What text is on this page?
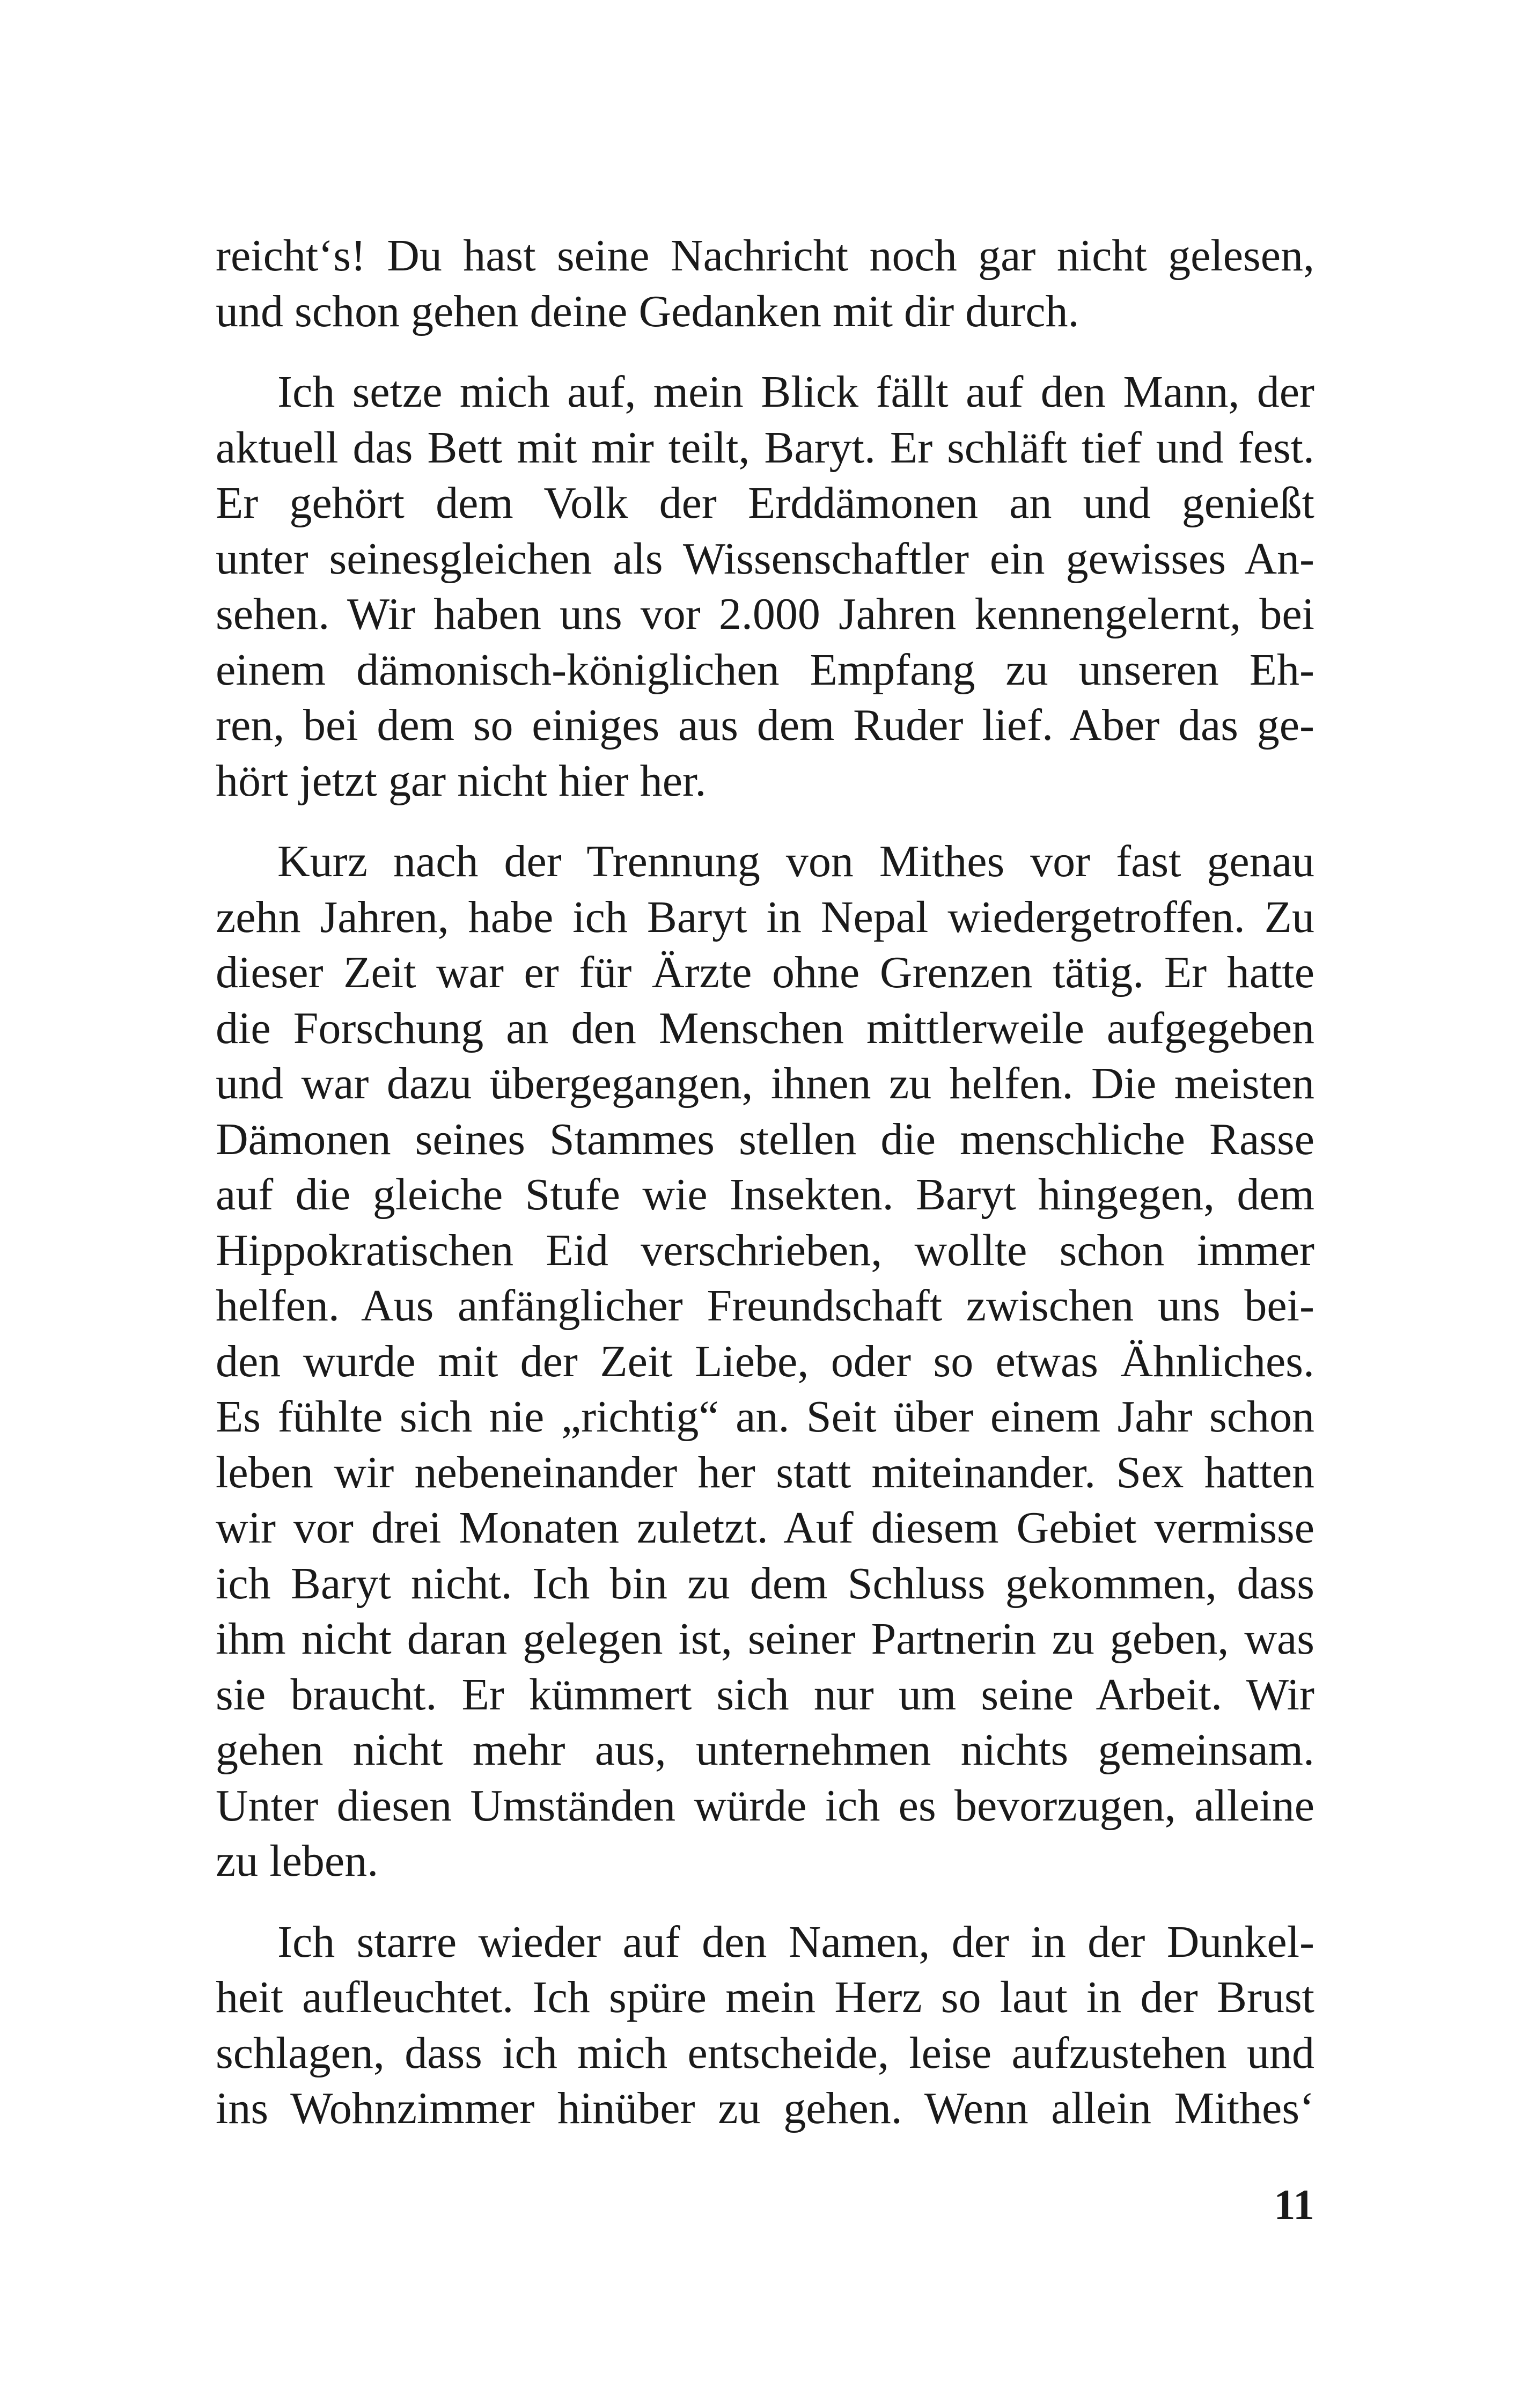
reicht‘s! Du hast seine Nachricht noch gar nicht gelesen,
und schon gehen deine Gedanken mit dir durch.
Ich setze mich auf, mein Blick fällt auf den Mann, der
aktuell das Bett mit mir teilt, Baryt. Er schläft tief und fest.
Er gehört dem Volk der Erddämonen an und genießt
unter seinesgleichen als Wissenschaftler ein gewisses An-
sehen. Wir haben uns vor 2.000 Jahren kennengelernt, bei
einem dämonisch-königlichen Empfang zu unseren Eh-
ren, bei dem so einiges aus dem Ruder lief. Aber das ge-
hört jetzt gar nicht hier her.
Kurz nach der Trennung von Mithes vor fast genau
zehn Jahren, habe ich Baryt in Nepal wiedergetroffen. Zu
dieser Zeit war er für Ärzte ohne Grenzen tätig. Er hatte
die Forschung an den Menschen mittlerweile aufgegeben
und war dazu übergegangen, ihnen zu helfen. Die meisten
Dämonen seines Stammes stellen die menschliche Rasse
auf die gleiche Stufe wie Insekten. Baryt hingegen, dem
Hippokratischen Eid verschrieben, wollte schon immer
helfen. Aus anfänglicher Freundschaft zwischen uns bei-
den wurde mit der Zeit Liebe, oder so etwas Ähnliches.
Es fühlte sich nie „richtig“ an. Seit über einem Jahr schon
leben wir nebeneinander her statt miteinander. Sex hatten
wir vor drei Monaten zuletzt. Auf diesem Gebiet vermisse
ich Baryt nicht. Ich bin zu dem Schluss gekommen, dass
ihm nicht daran gelegen ist, seiner Partnerin zu geben, was
sie braucht. Er kümmert sich nur um seine Arbeit. Wir
gehen nicht mehr aus, unternehmen nichts gemeinsam.
Unter diesen Umständen würde ich es bevorzugen, alleine
zu leben.
Ich starre wieder auf den Namen, der in der Dunkel-
heit aufleuchtet. Ich spüre mein Herz so laut in der Brust
schlagen, dass ich mich entscheide, leise aufzustehen und
ins Wohnzimmer hinüber zu gehen. Wenn allein Mithes‘
11
